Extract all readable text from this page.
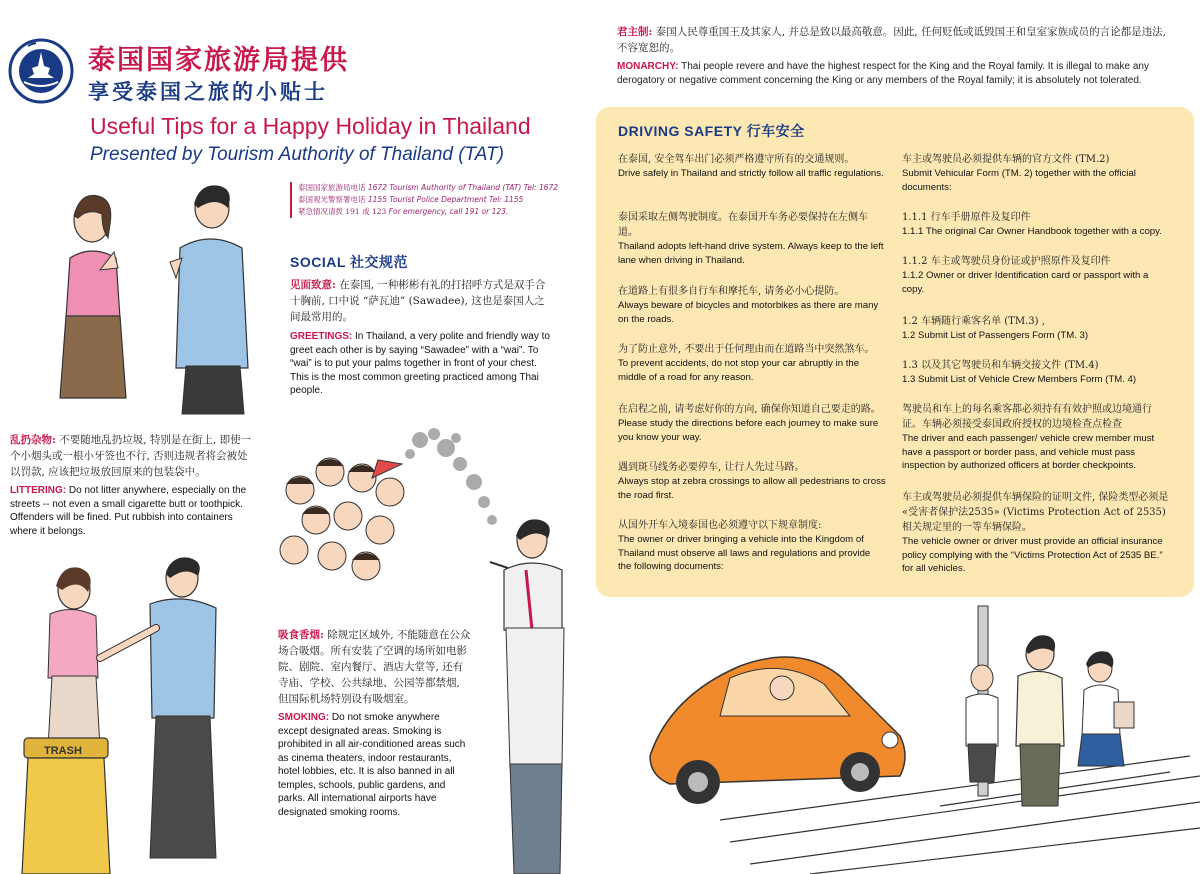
泰国国家旅游局提供
享受泰国之旅的小贴士
Useful Tips for a Happy Holiday in Thailand
Presented by Tourism Authority of Thailand (TAT)
泰国国家旅游局电话 1672 Tourism Authority of Thailand (TAT) Tel: 1672
泰国观光警察署电话 1155 Tourist Police Department Tel: 1155
紧急情况请拨 191 或 123 For emergency, call 191 or 123.
SOCIAL 社交规范
见面致意: 在泰国, 一种彬彬有礼的打招呼方式是双手合十胸前, 口中说 “萨瓦迪” (Sawadee), 这也是泰国人之间最常用的。
GREETINGS: In Thailand, a very polite and friendly way to greet each other is by saying “Sawadee” with a “wai”. To “wai” is to put your palms together in front of your chest. This is the most common greeting practiced among Thai people.
乱扔杂物: 不要随地乱扔垃圾, 特别是在街上, 即使一个小烟头或一根小牙签也不行, 否则违规者将会被处以罚款, 应该把垃圾放回原来的包装袋中。
LITTERING: Do not litter anywhere, especially on the streets -- not even a small cigarette butt or toothpick. Offenders will be fined. Put rubbish into containers where it belongs.
吸食香烟: 除规定区域外, 不能随意在公众场合吸烟。所有安装了空调的场所如电影院、剧院、室内餐厅、酒店大堂等, 还有寺庙、学校、公共绿地、公园等都禁烟, 但国际机场特别设有吸烟室。
SMOKING: Do not smoke anywhere except designated areas. Smoking is prohibited in all air-conditioned areas such as cinema theaters, indoor restaurants, hotel lobbies, etc. It is also banned in all temples, schools, public gardens, and parks. All international airports have designated smoking rooms.
君主制: 泰国人民尊重国王及其家人, 并总是致以最高敬意。因此, 任何贬低或诋毁国王和皇室家族成员的言论都是违法, 不容宽恕的。
MONARCHY: Thai people revere and have the highest respect for the King and the Royal family. It is illegal to make any derogatory or negative comment concerning the King or any members of the Royal family; it is absolutely not tolerated.
DRIVING SAFETY 行车安全
在泰国, 安全驾车出门必须严格遵守所有的交通规则。
Drive safely in Thailand and strictly follow all traffic regulations.
泰国采取左侧驾驶制度。在泰国开车务必要保持在左侧车道。
Thailand adopts left-hand drive system. Always keep to the left lane when driving in Thailand.
在道路上有很多自行车和摩托车, 请务必小心提防。
Always beware of bicycles and motorbikes as there are many on the roads.
为了防止意外, 不要出于任何理由而在道路当中突然煞车。
To prevent accidents, do not stop your car abruptly in the middle of a road for any reason.
在启程之前, 请考虑好你的方向, 确保你知道自己要走的路。
Please study the directions before each journey to make sure you know your way.
遇到斑马线务必要停车, 让行人先过马路。
Always stop at zebra crossings to allow all pedestrians to cross the road first.
从国外开车入境泰国也必须遵守以下规章制度:
The owner or driver bringing a vehicle into the Kingdom of Thailand must observe all laws and regulations and provide the following documents:
车主或驾驶员必须提供车辆的官方文件 (TM.2)
Submit Vehicular Form (TM. 2) together with the official documents:
1.1.1 行车手册原件及复印件
1.1.1 The original Car Owner Handbook together with a copy.
1.1.2 车主或驾驶员身份证或护照原件及复印件
1.1.2 Owner or driver Identification card or passport with a copy.
1.2 车辆随行乘客名单 (TM.3) ,
1.2 Submit List of Passengers Form (TM. 3)
1.3 以及其它驾驶员和车辆交接文件 (TM.4)
1.3 Submit List of Vehicle Crew Members Form (TM. 4)
驾驶员和车上的每名乘客都必须持有有效护照或边境通行证。车辆必须接受泰国政府授权的边境检查点检查
The driver and each passenger/ vehicle crew member must have a passport or border pass, and vehicle must pass inspection by authorized officers at border checkpoints.
车主或驾驶员必须提供车辆保险的证明文件, 保险类型必须是 «受害者保护法2535» (Victims Protection Act of 2535) 相关规定里的一等车辆保险。
The vehicle owner or driver must provide an official insurance policy complying with the “Victims Protection Act of 2535 BE.” for all vehicles.
TRASH
